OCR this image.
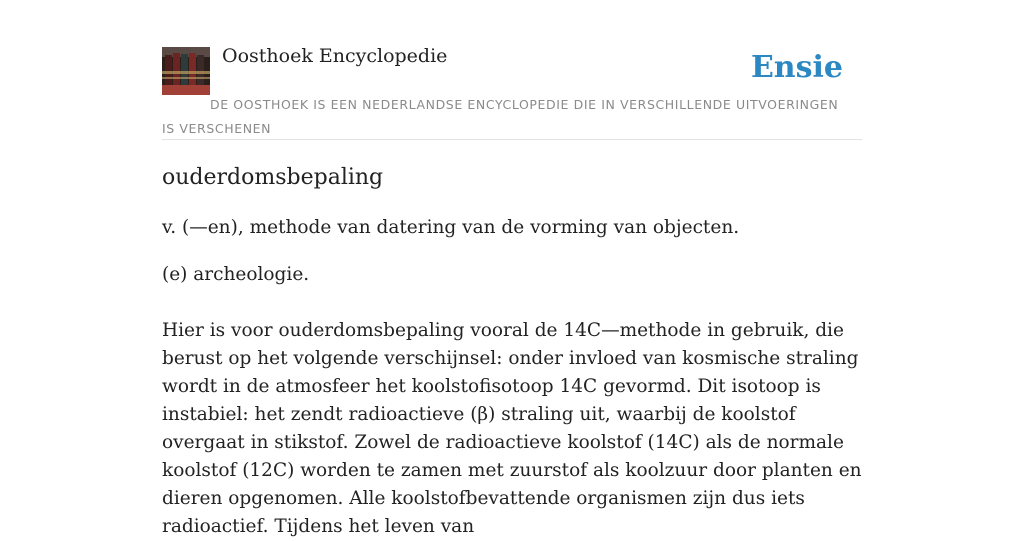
Oosthoek Encyclopedie	Ensie
DE OOSTHOEK IS EEN NEDERLANDSE ENCYCLOPEDIE DIE IN VERSCHILLENDE UITVOERINGEN IS VERSCHENEN
ouderdomsbepaling

v. (—en), methode van datering van de vorming van objecten.

(e) archeologie.

Hier is voor ouderdomsbepaling vooral de 14C—methode in gebruik, die berust op het volgende verschijnsel: onder invloed van kosmische straling wordt in de atmosfeer het koolstofisotoop 14C gevormd. Dit isotoop is instabiel: het zendt radioactieve (β) straling uit, waarbij de koolstof overgaat in stikstof. Zowel de radioactieve koolstof (14C) als de normale koolstof (12C) worden te zamen met zuurstof als koolzuur door planten en dieren opgenomen. Alle koolstofbevattende organismen zijn dus iets radioactief. Tijdens het leven van
